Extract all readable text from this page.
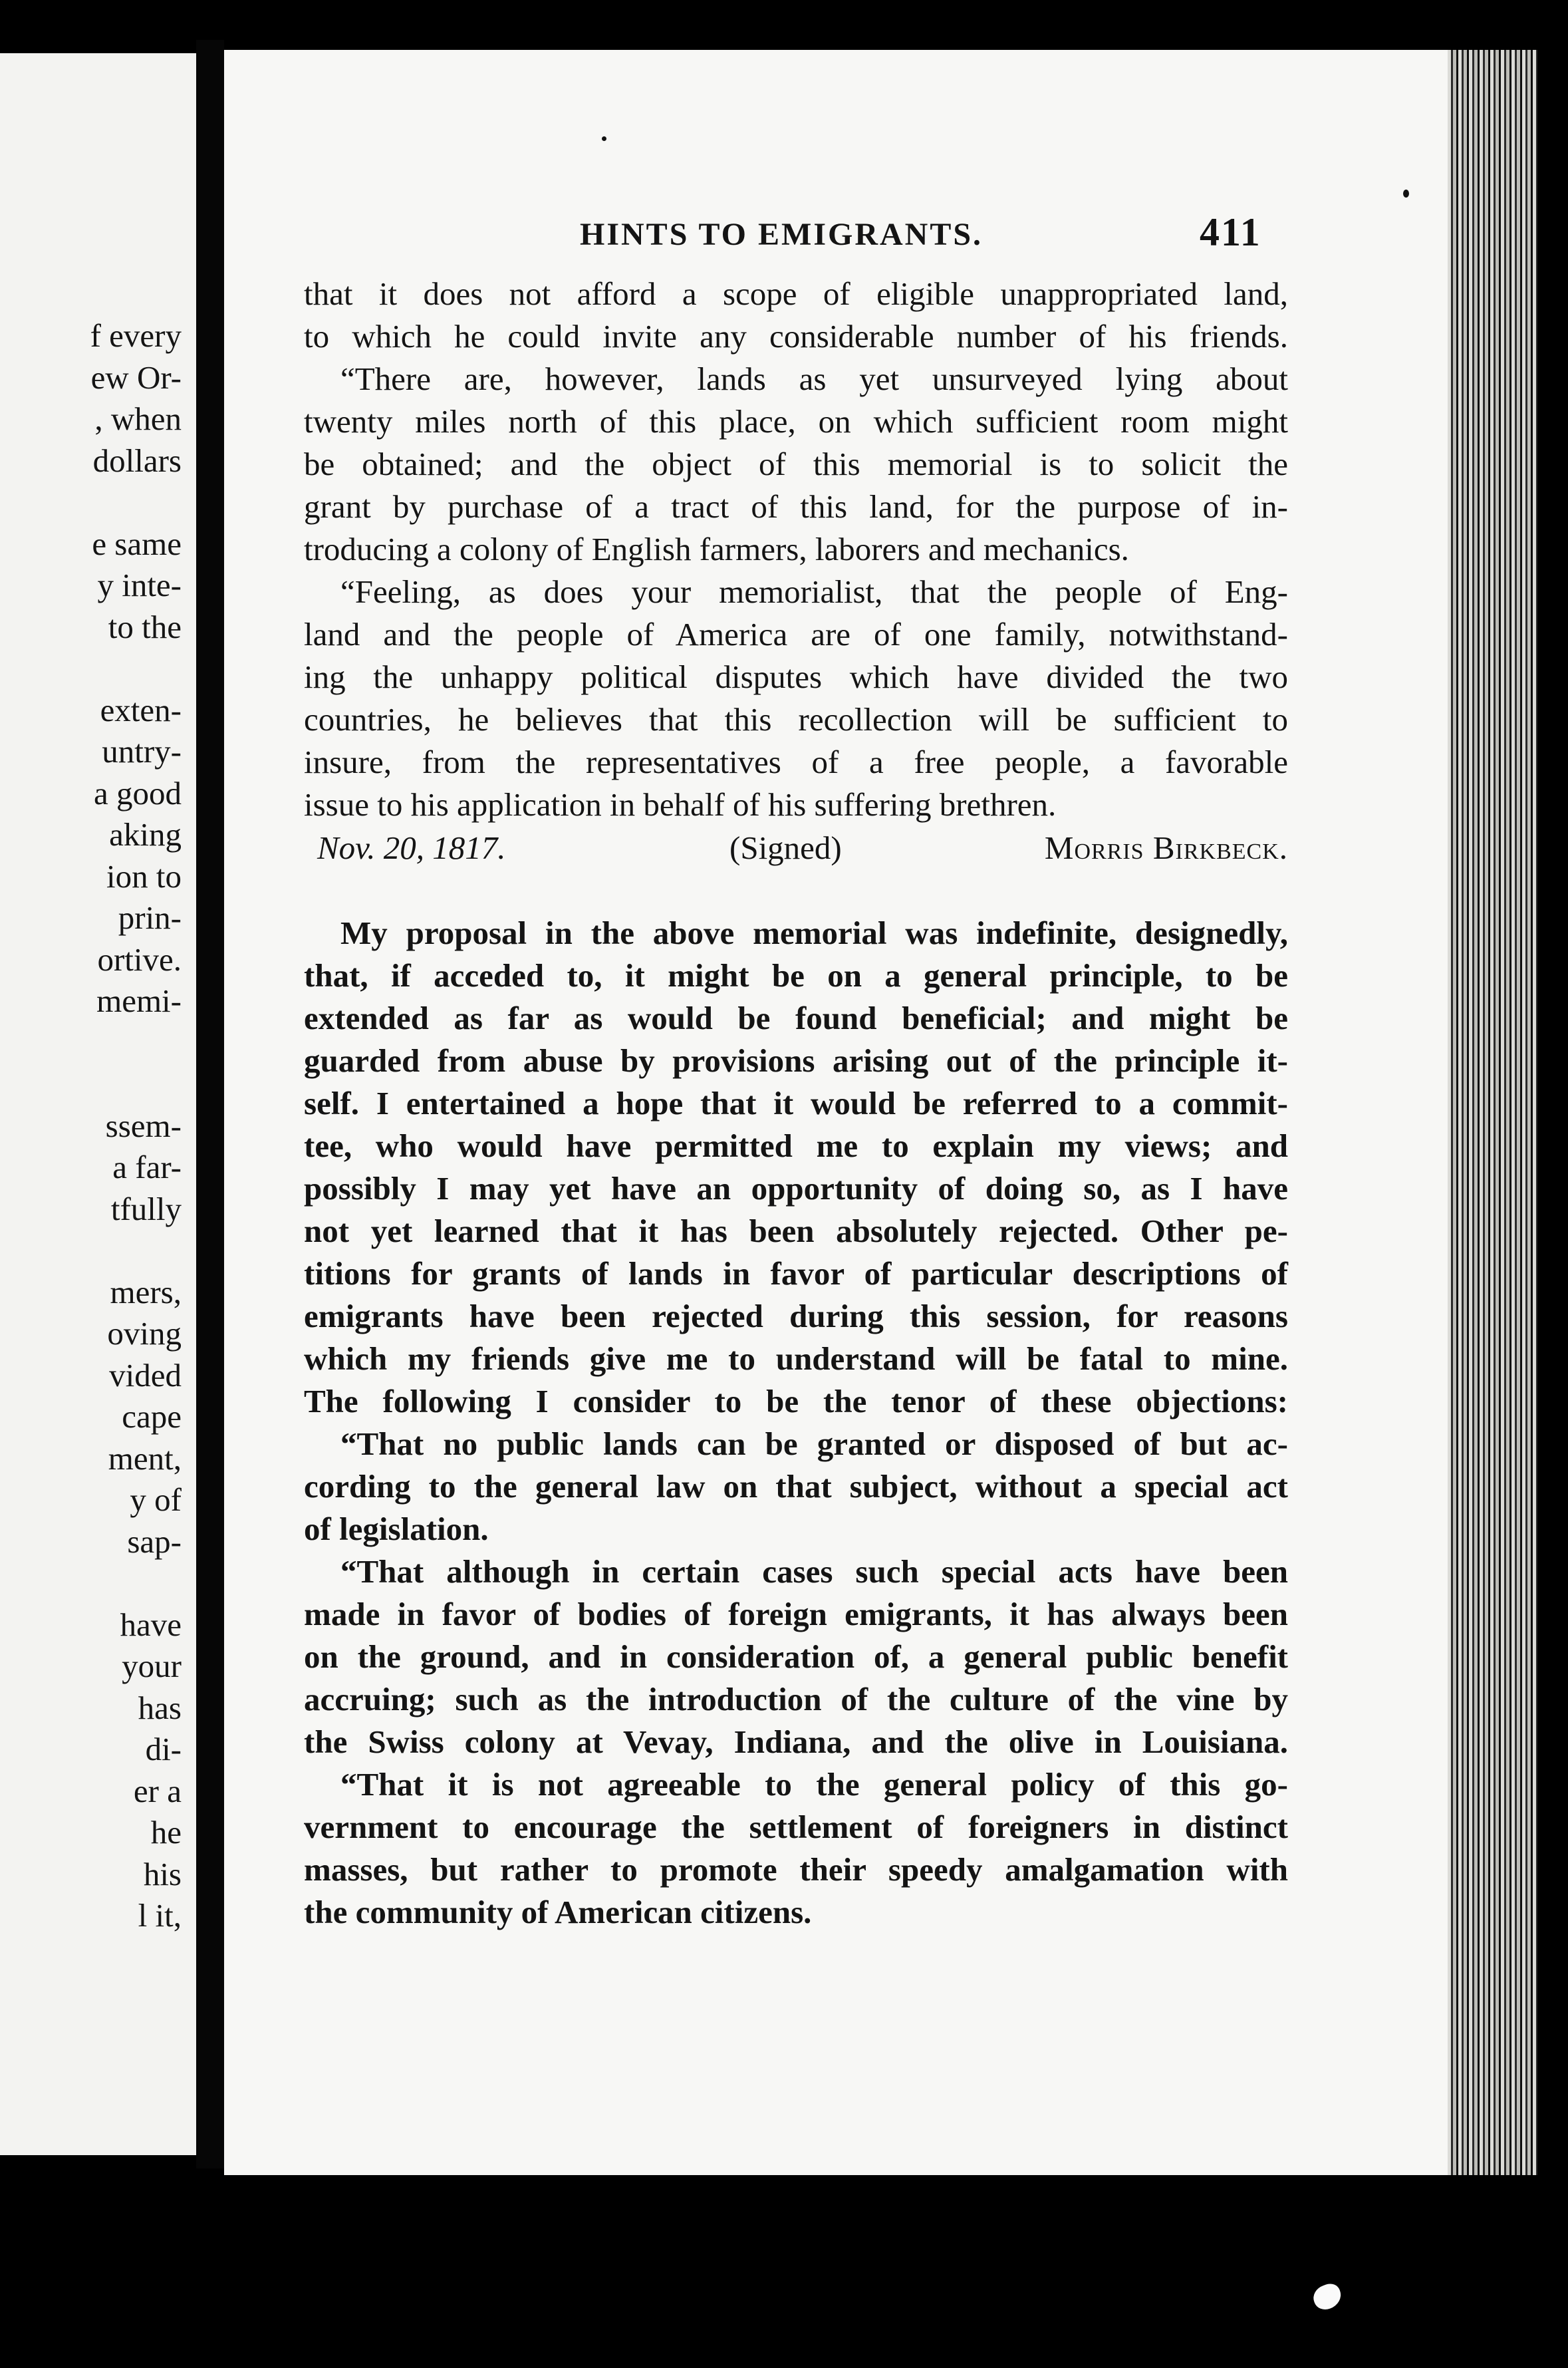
f every
ew Or-
, when
dollars
e same
y inte-
to the
exten-
untry-
a good
aking
ion to
prin-
ortive.
memi-
ssem-
a far-
tfully
mers,
oving
vided
cape
ment,
y of
sap-
have
your
has
di-
er a
he
his
l it,
HINTS TO EMIGRANTS.	411
that it does not afford a scope of eligible unappropriated land,
to which he could invite any considerable number of his friends.
“There are, however, lands as yet unsurveyed lying about
twenty miles north of this place, on which sufficient room might
be obtained; and the object of this memorial is to solicit the
grant by purchase of a tract of this land, for the purpose of in-
troducing a colony of English farmers, laborers and mechanics.
“Feeling, as does your memorialist, that the people of Eng-
land and the people of America are of one family, notwithstand-
ing the unhappy political disputes which have divided the two
countries, he believes that this recollection will be sufficient to
insure, from the representatives of a free people, a favorable
issue to his application in behalf of his suffering brethren.
Nov. 20, 1817.	(Signed)	Morris Birkbeck.
My proposal in the above memorial was indefinite, designedly,
that, if acceded to, it might be on a general principle, to be
extended as far as would be found beneficial; and might be
guarded from abuse by provisions arising out of the principle it-
self. I entertained a hope that it would be referred to a commit-
tee, who would have permitted me to explain my views; and
possibly I may yet have an opportunity of doing so, as I have
not yet learned that it has been absolutely rejected. Other pe-
titions for grants of lands in favor of particular descriptions of
emigrants have been rejected during this session, for reasons
which my friends give me to understand will be fatal to mine.
The following I consider to be the tenor of these objections:
“That no public lands can be granted or disposed of but ac-
cording to the general law on that subject, without a special act
of legislation.
“That although in certain cases such special acts have been
made in favor of bodies of foreign emigrants, it has always been
on the ground, and in consideration of, a general public benefit
accruing; such as the introduction of the culture of the vine by
the Swiss colony at Vevay, Indiana, and the olive in Louisiana.
“That it is not agreeable to the general policy of this go-
vernment to encourage the settlement of foreigners in distinct
masses, but rather to promote their speedy amalgamation with
the community of American citizens.
